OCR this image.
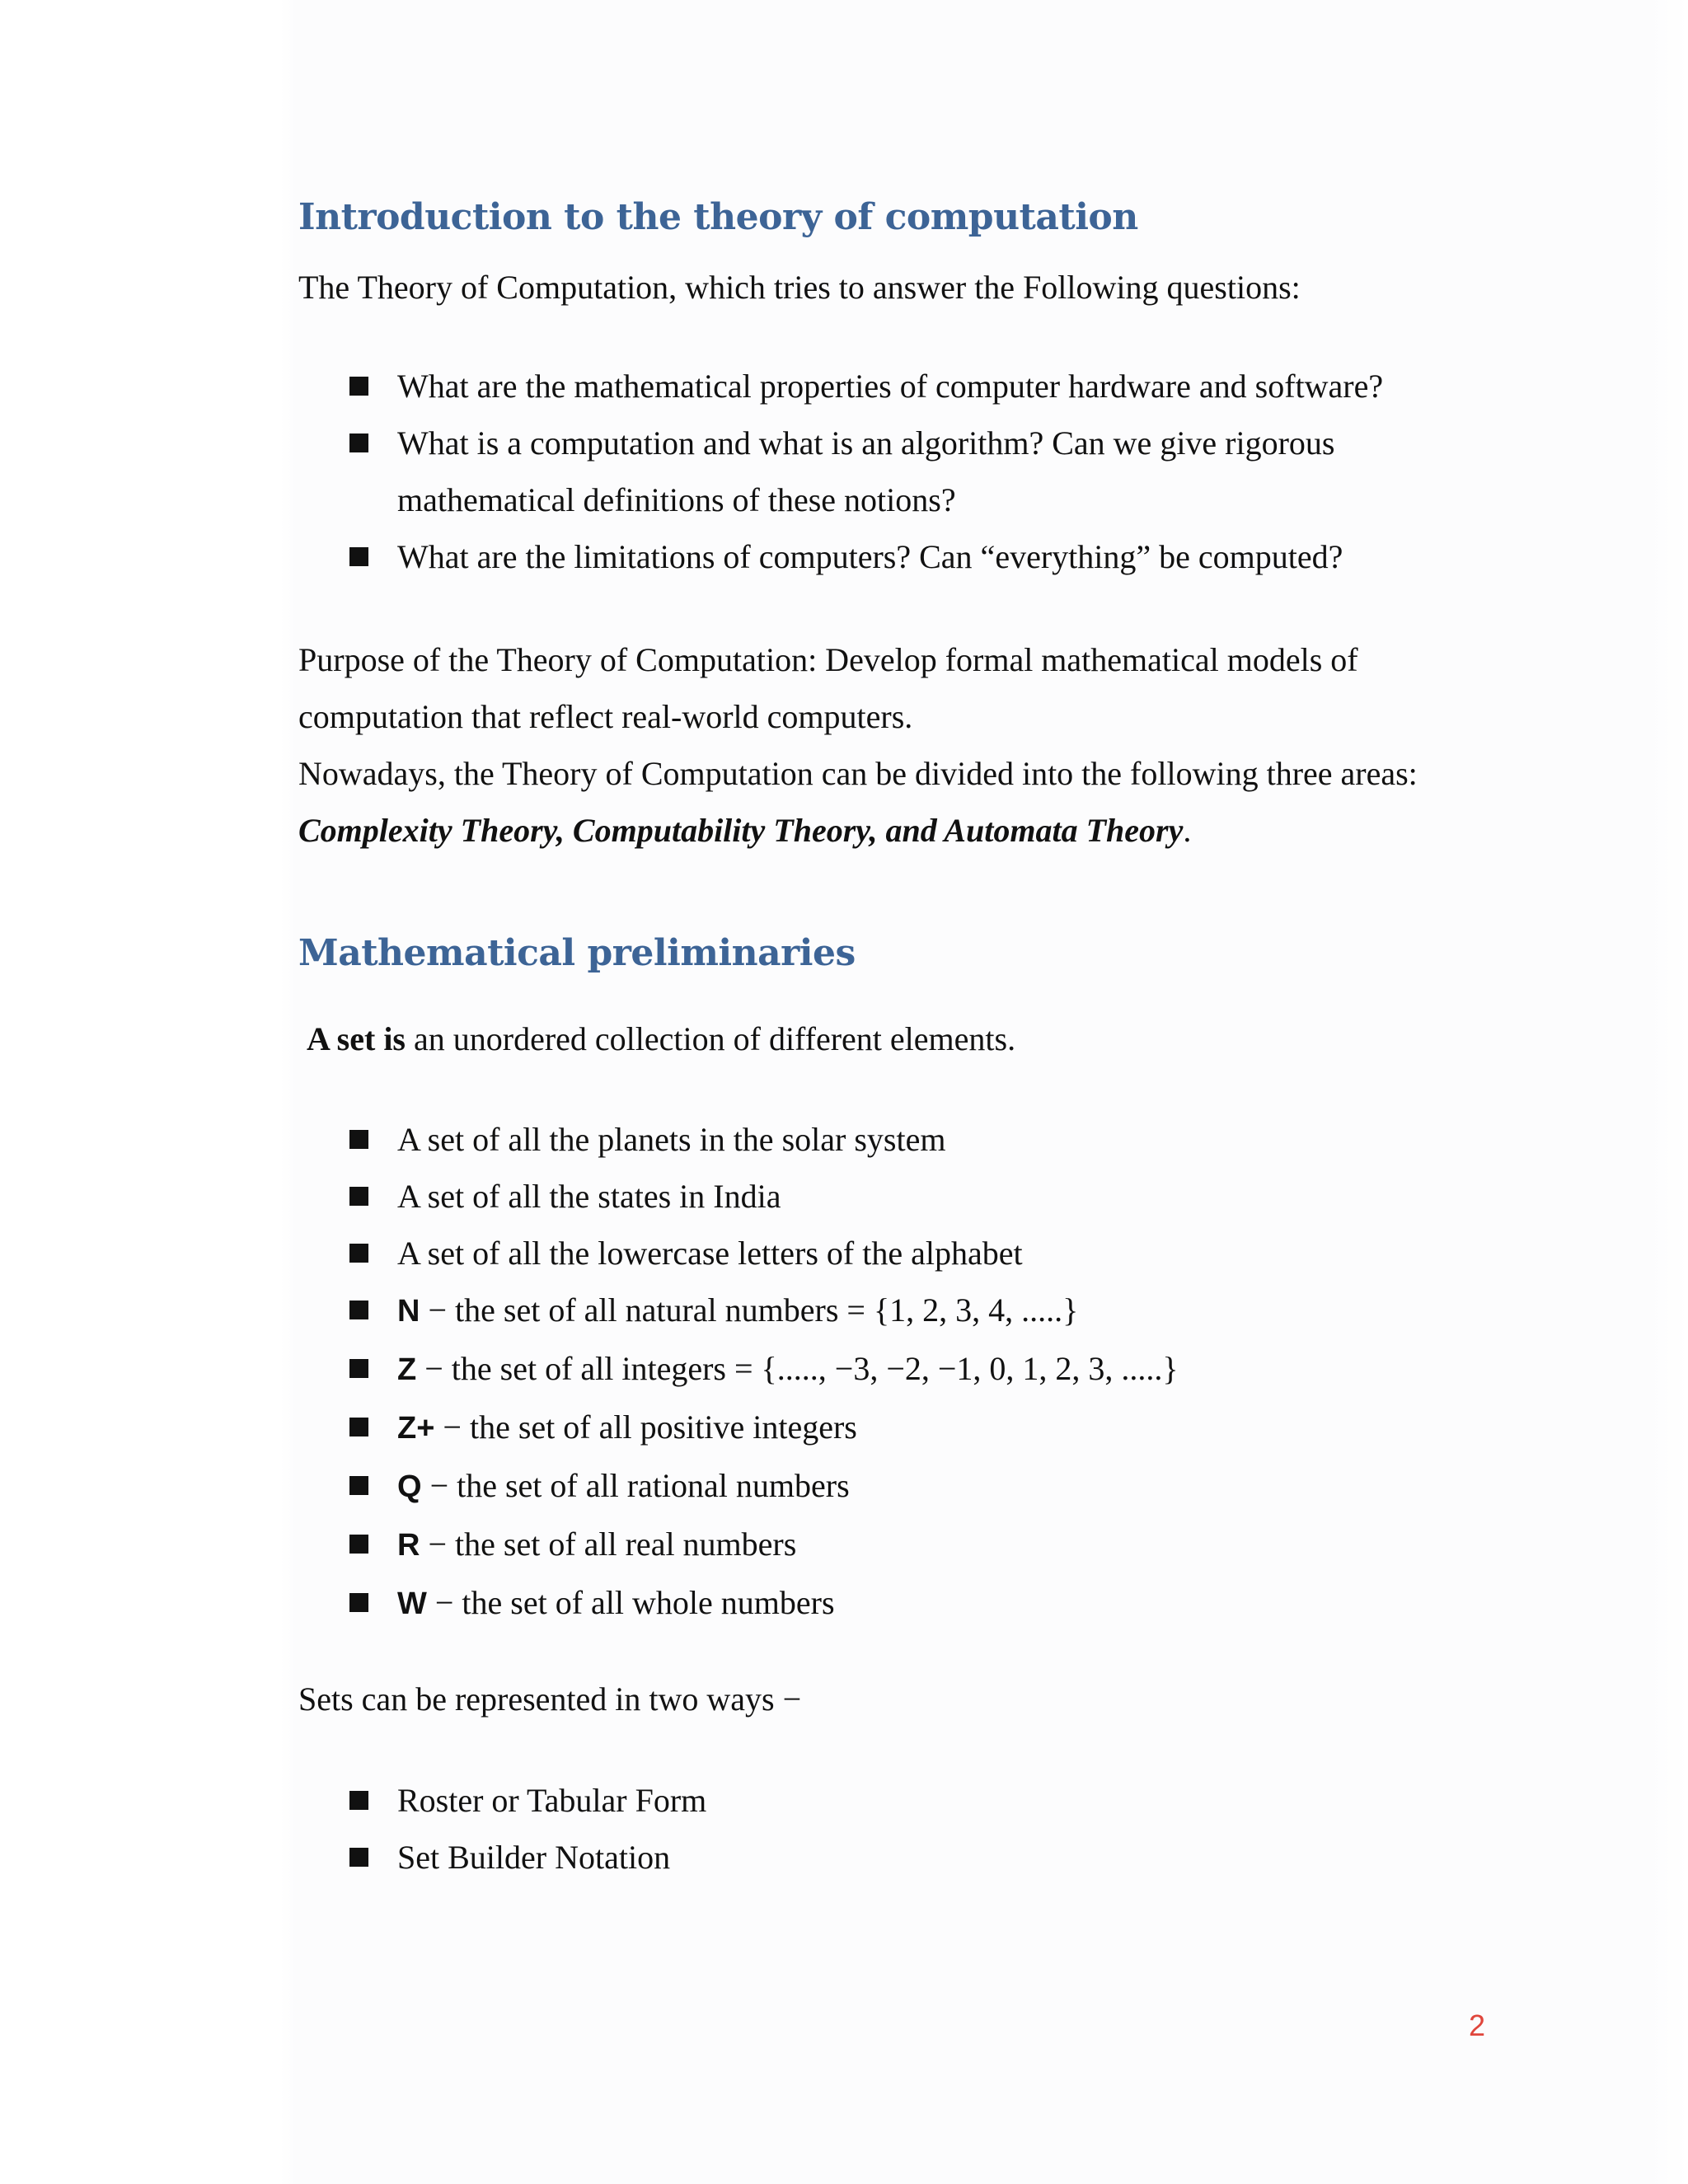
Introduction to the theory of computation

The Theory of Computation, which tries to answer the Following questions:

What are the mathematical properties of computer hardware and software?
What is a computation and what is an algorithm? Can we give rigorous
mathematical definitions of these notions?
What are the limitations of computers? Can “everything” be computed?

Purpose of the Theory of Computation: Develop formal mathematical models of
computation that reflect real-world computers.
Nowadays, the Theory of Computation can be divided into the following three areas:
Complexity Theory, Computability Theory, and Automata Theory.

Mathematical preliminaries

A set is an unordered collection of different elements.

A set of all the planets in the solar system
A set of all the states in India
A set of all the lowercase letters of the alphabet
N − the set of all natural numbers = {1, 2, 3, 4, .....}
Z − the set of all integers = {....., −3, −2, −1, 0, 1, 2, 3, .....}
Z+ − the set of all positive integers
Q − the set of all rational numbers
R − the set of all real numbers
W − the set of all whole numbers

Sets can be represented in two ways −

Roster or Tabular Form
Set Builder Notation
2
